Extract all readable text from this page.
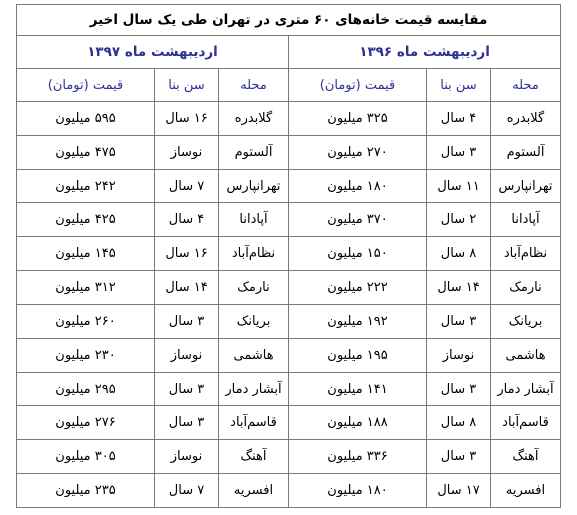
مقایسه قیمت خانه‌های ۶۰ متری در تهران طی یک سال اخیر					
اردیبهشت ماه ۱۳۹۶			اردیبهشت ماه ۱۳۹۷		
محله	سن بنا	قیمت (تومان)	محله	سن بنا	قیمت (تومان)
گلابدره	۴ سال	۳۲۵ میلیون	گلابدره	۱۶ سال	۵۹۵ میلیون
آلستوم	۳ سال	۲۷۰ میلیون	آلستوم	نوساز	۴۷۵ میلیون
تهرانپارس	۱۱ سال	۱۸۰ میلیون	تهرانپارس	۷ سال	۲۴۲ میلیون
آپادانا	۲ سال	۳۷۰ میلیون	آپادانا	۴ سال	۴۲۵ میلیون
نظام‌آباد	۸ سال	۱۵۰ میلیون	نظام‌آباد	۱۶ سال	۱۴۵ میلیون
نارمک	۱۴ سال	۲۲۲ میلیون	نارمک	۱۴ سال	۳۱۲ میلیون
بریانک	۳ سال	۱۹۲ میلیون	بریانک	۳ سال	۲۶۰ میلیون
هاشمی	نوساز	۱۹۵ میلیون	هاشمی	نوساز	۲۳۰ میلیون
آبشار دمار	۳ سال	۱۴۱ میلیون	آبشار دمار	۳ سال	۲۹۵ میلیون
قاسم‌آباد	۸ سال	۱۸۸ میلیون	قاسم‌آباد	۳ سال	۲۷۶ میلیون
آهنگ	۳ سال	۳۳۶ میلیون	آهنگ	نوساز	۳۰۵ میلیون
افسریه	۱۷ سال	۱۸۰ میلیون	افسریه	۷ سال	۲۳۵ میلیون
